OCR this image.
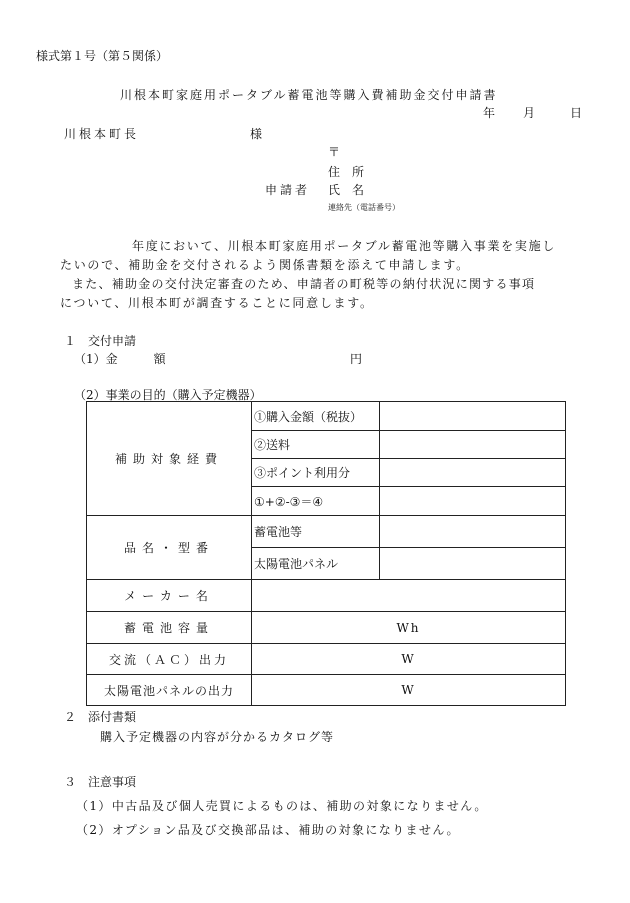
様式第１号（第５関係）
川根本町家庭用ポータブル蓄電池等購入費補助金交付申請書
年 月	日
川根本町長	様
〒
住　所
申請者 氏　名
連絡先（電話番号）
年度において、川根本町家庭用ポータブル蓄電池等購入事業を実施し
たいので、補助金を交付されるよう関係書類を添えて申請します。
また、補助金の交付決定審査のため、申請者の町税等の納付状況に関する事項
について、川根本町が調査することに同意します。
１　交付申請
（1）金　　　額	円
（2）事業の目的（購入予定機器）
補助対象経費	①購入金額（税抜）	
	②送料	
	③ポイント利用分	
	①+②-③＝④	
品名・型番	蓄電池等	
	太陽電池パネル	
メーカー名		
蓄電池容量	Wh	
交流（ＡＣ）出力	W	
太陽電池パネルの出力	W	
２　添付書類
購入予定機器の内容が分かるカタログ等
３　注意事項
（1）中古品及び個人売買によるものは、補助の対象になりません。
（2）オプション品及び交換部品は、補助の対象になりません。
